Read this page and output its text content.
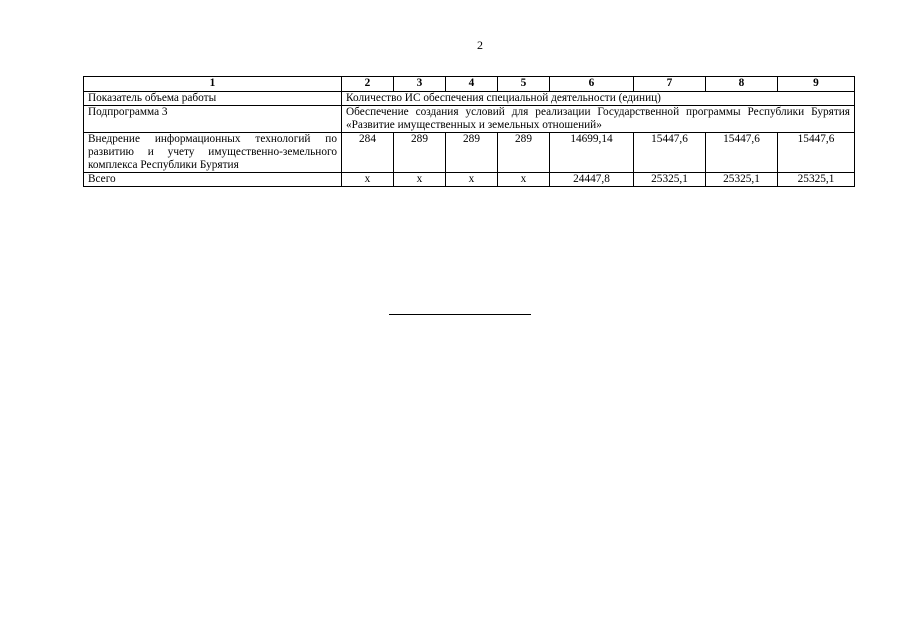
2
1	2	3	4	5	6	7	8	9
Показатель объема работы	Количество ИС обеспечения специальной деятельности (единиц)							
Подпрограмма 3	Обеспечение создания условий для реализации Государственной программы Республики Бурятия «Развитие имущественных и земельных отношений»							
Внедрение информационных технологий по развитию и учету имущественно-земельного комплекса Республики Бурятия	284	289	289	289	14699,14	15447,6	15447,6	15447,6
Всего	x	x	x	x	24447,8	25325,1	25325,1	25325,1
